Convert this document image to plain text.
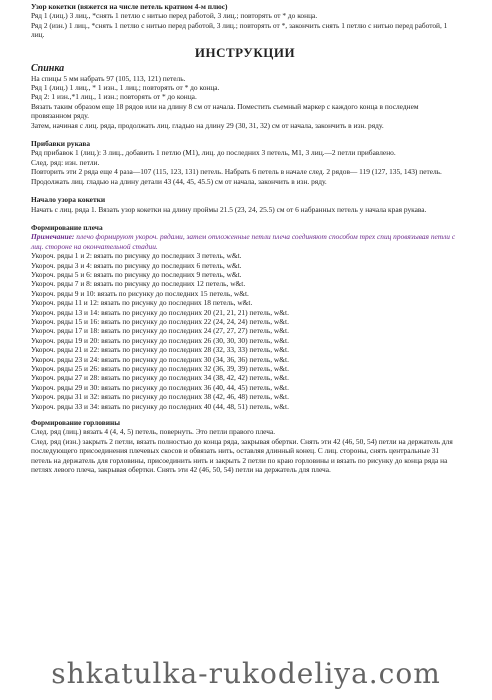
Узор кокетки (вяжется на числе петель кратном 4-м плюс)

Ряд 1 (лиц.) 3 лиц., *снять 1 петлю с нитью перед работой, 3 лиц.; повторять от * до конца.

Ряд 2 (изн.) 1 лиц., *снять 1 петлю с нитью перед работой, 3 лиц.; повторять от *, закончить снять 1 петлю с нитью перед работой, 1 лиц.

ИНСТРУКЦИИ

Спинка

На спицы 5 мм набрать 97 (105, 113, 121) петель.

Ряд 1 (лиц.) 1 лиц., * 1 изн., 1 лиц.; повторять от * до конца.

Ряд 2: 1 изн.,*1 лиц., 1 изн.; повторять от * до конца.

Вязать таким образом еще 18 рядов или на длину 8 см от начала. Поместить съемный маркер с каждого конца в последнем провязанном ряду.

Затем, начиная с лиц. ряда, продолжать лиц. гладью на длину 29 (30, 31, 32) см от начала, закончить в изн. ряду.

Прибавки рукава

Ряд прибавок 1 (лиц.): 3 лиц., добавить 1 петлю (М1), лиц. до последних 3 петель, М1, 3 лиц.—2 петли прибавлено.

След. ряд: изн. петли.

Повторить эти 2 ряда еще 4 раза—107 (115, 123, 131) петель. Набрать 6 петель в начале след. 2 рядов— 119 (127, 135, 143) петель. Продолжать лиц. гладью на длину детали 43 (44, 45, 45.5) см от начала, закончить в изн. ряду.

Начало узора кокетки

Начать с лиц. ряда 1. Вязать узор кокетки на длину проймы 21.5 (23, 24, 25.5) см от 6 набранных петель у начала края рукава.

Формирование плеча

Примечание: плечо формируют укороч. рядами, затем отложенные петли плеча соединяют способом трех спиц провязывая петли с лиц. стороне на окончательной стадии.

Укороч. ряды 1 и 2: вязать по рисунку до последних 3 петель, w&t.

Укороч. ряды 3 и 4: вязать по рисунку до последних 6 петель, w&t.

Укороч. ряды 5 и 6: вязать по рисунку до последних 9 петель, w&t.

Укороч. ряды 7 и 8: вязать по рисунку до последних 12 петель, w&t.

Укороч. ряды 9 и 10: вязать по рисунку до последних 15 петель, w&t.

Укороч. ряды 11 и 12: вязать по рисунку до последних 18 петель, w&t.

Укороч. ряды 13 и 14: вязать по рисунку до последних 20 (21, 21, 21) петель, w&t.

Укороч. ряды 15 и 16: вязать по рисунку до последних 22 (24, 24, 24) петель, w&t.

Укороч. ряды 17 и 18: вязать по рисунку до последних 24 (27, 27, 27) петель, w&t.

Укороч. ряды 19 и 20: вязать по рисунку до последних 26 (30, 30, 30) петель, w&t.

Укороч. ряды 21 и 22: вязать по рисунку до последних 28 (32, 33, 33) петель, w&t.

Укороч. ряды 23 и 24: вязать по рисунку до последних 30 (34, 36, 36) петель, w&t.

Укороч. ряды 25 и 26: вязать по рисунку до последних 32 (36, 39, 39) петель, w&t.

Укороч. ряды 27 и 28: вязать по рисунку до последних 34 (38, 42, 42) петель, w&t.

Укороч. ряды 29 и 30: вязать по рисунку до последних 36 (40, 44, 45) петель, w&t.

Укороч. ряды 31 и 32: вязать по рисунку до последних 38 (42, 46, 48) петель, w&t.

Укороч. ряды 33 и 34: вязать по рисунку до последних 40 (44, 48, 51) петель, w&t.

Формирование горловины

След. ряд (лиц.) вязать 4 (4, 4, 5) петель, повернуть. Это петли правого плеча.

След. ряд (изн.) закрыть 2 петли, вязать полностью до конца ряда, закрывая обертки. Снять эти 42 (46, 50, 54) петли на держатель для последующего присоединения плечевых скосов и обвязать нить, оставляя длинный конец. С лиц. стороны, снять центральные 31 петель на держатель для горловины, присоединить нить и закрыть 2 петли по краю горловины и вязать по рисунку до конца ряда на петлях левого плеча, закрывая обертки. Снять эти 42 (46, 50, 54) петли на держатель для плеча.

shkatulka-rukodeliya.com
